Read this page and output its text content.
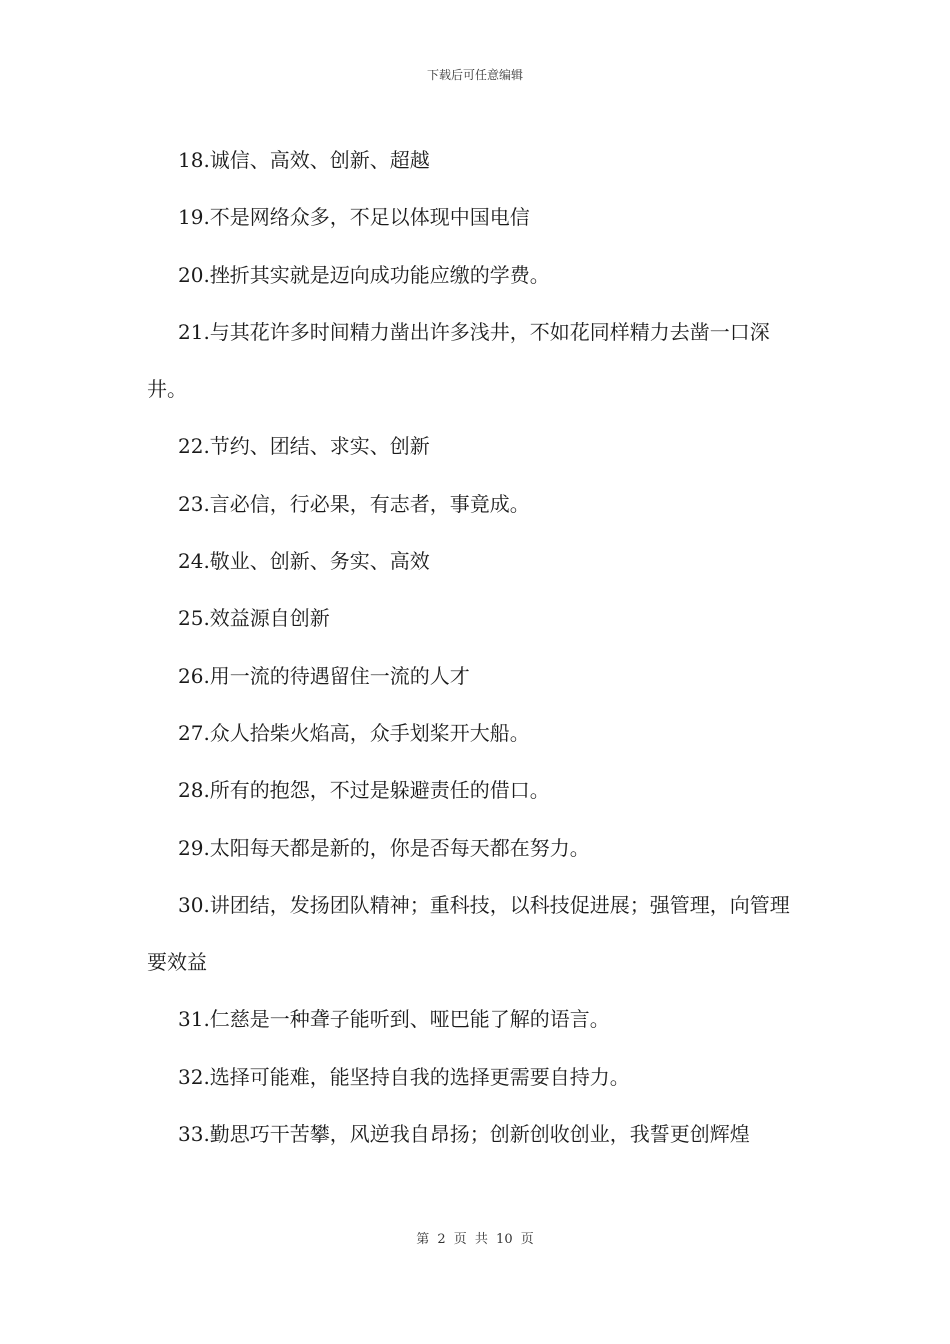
下载后可任意编辑

18.诚信、高效、创新、超越

19.不是网络众多，不足以体现中国电信

20.挫折其实就是迈向成功能应缴的学费。

21.与其花许多时间精力凿出许多浅井，不如花同样精力去凿一口深井。

22.节约、团结、求实、创新

23.言必信，行必果，有志者，事竟成。

24.敬业、创新、务实、高效

25.效益源自创新

26.用一流的待遇留住一流的人才

27.众人拾柴火焰高，众手划桨开大船。

28.所有的抱怨，不过是躲避责任的借口。

29.太阳每天都是新的，你是否每天都在努力。

30.讲团结，发扬团队精神；重科技，以科技促进展；强管理，向管理要效益

31.仁慈是一种聋子能听到、哑巴能了解的语言。

32.选择可能难，能坚持自我的选择更需要自持力。

33.勤思巧干苦攀，风逆我自昂扬；创新创收创业，我誓更创辉煌

第 2 页 共 10 页
